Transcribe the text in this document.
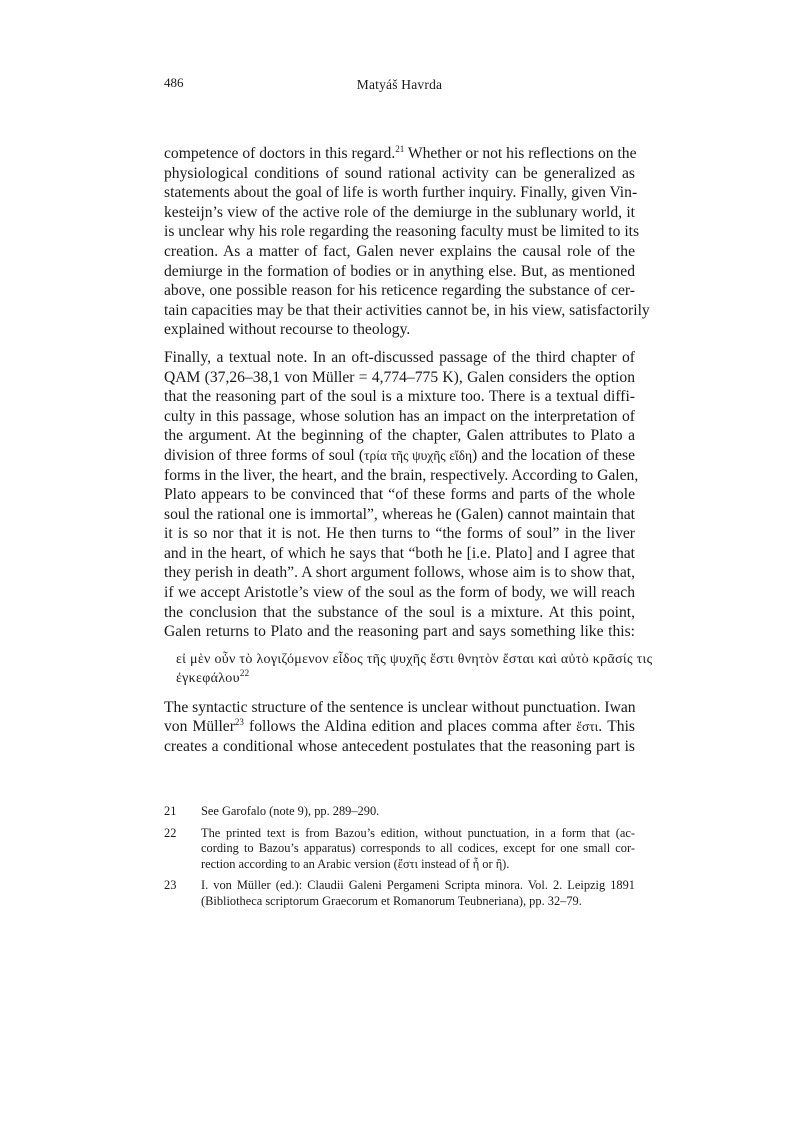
486	Matyáš Havrda
competence of doctors in this regard.$^{21}$ Whether or not his reflections on the
physiological conditions of sound rational activity can be generalized as
statements about the goal of life is worth further inquiry. Finally, given Vin-
kesteijn’s view of the active role of the demiurge in the sublunary world, it
is unclear why his role regarding the reasoning faculty must be limited to its
creation. As a matter of fact, Galen never explains the causal role of the
demiurge in the formation of bodies or in anything else. But, as mentioned
above, one possible reason for his reticence regarding the substance of cer-
tain capacities may be that their activities cannot be, in his view, satisfactorily
explained without recourse to theology.
Finally, a textual note. In an oft-discussed passage of the third chapter of
QAM (37,26–38,1 von Müller = 4,774–775 K), Galen considers the option
that the reasoning part of the soul is a mixture too. There is a textual diffi-
culty in this passage, whose solution has an impact on the interpretation of
the argument. At the beginning of the chapter, Galen attributes to Plato a
division of three forms of soul (τρία τῆς ψυχῆς εἴδη) and the location of these
forms in the liver, the heart, and the brain, respectively. According to Galen,
Plato appears to be convinced that “of these forms and parts of the whole
soul the rational one is immortal”, whereas he (Galen) cannot maintain that
it is so nor that it is not. He then turns to “the forms of soul” in the liver
and in the heart, of which he says that “both he [i.e. Plato] and I agree that
they perish in death”. A short argument follows, whose aim is to show that,
if we accept Aristotle’s view of the soul as the form of body, we will reach
the conclusion that the substance of the soul is a mixture. At this point,
Galen returns to Plato and the reasoning part and says something like this:
εἰ μὲν οὖν τὸ λογιζόμενον εἶδος τῆς ψυχῆς ἔστι θνητὸν ἔσται καὶ αὐτὸ κρᾶσίς τις
ἐγκεφάλου$^{22}$
The syntactic structure of the sentence is unclear without punctuation. Iwan
von Müller$^{23}$ follows the Aldina edition and places comma after ἔστι. This
creates a conditional whose antecedent postulates that the reasoning part is
21	See Garofalo (note 9), pp. 289–290.
22	The printed text is from Bazou’s edition, without punctuation, in a form that (ac-
cording to Bazou’s apparatus) corresponds to all codices, except for one small cor-
rection according to an Arabic version (ἔστι instead of ἦ or ἢ).
23	I. von Müller (ed.): Claudii Galeni Pergameni Scripta minora. Vol. 2. Leipzig 1891
(Bibliotheca scriptorum Graecorum et Romanorum Teubneriana), pp. 32–79.
